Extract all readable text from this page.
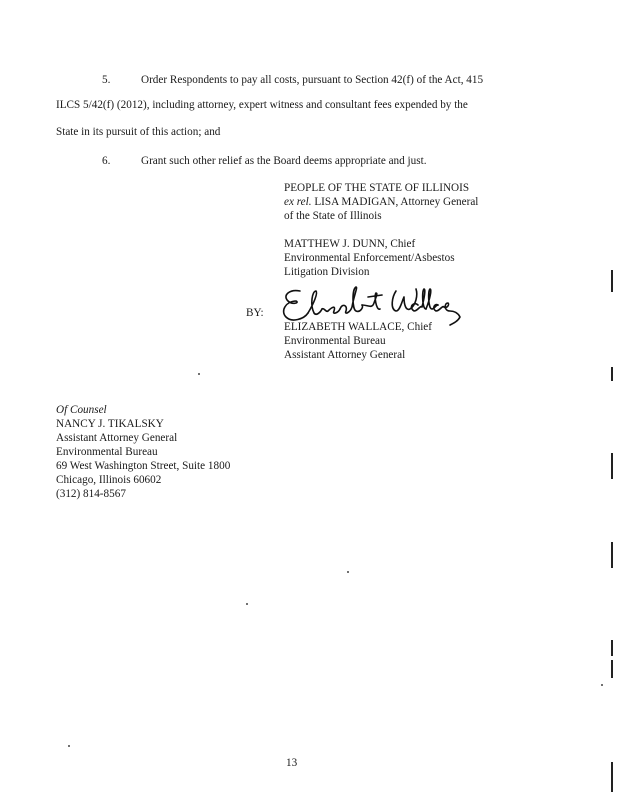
5.	Order Respondents to pay all costs, pursuant to Section 42(f) of the Act, 415
ILCS 5/42(f) (2012), including attorney, expert witness and consultant fees expended by the
State in its pursuit of this action; and
6.	Grant such other relief as the Board deems appropriate and just.
PEOPLE OF THE STATE OF ILLINOIS
ex rel. LISA MADIGAN, Attorney General
of the State of Illinois
MATTHEW J. DUNN, Chief
Environmental Enforcement/Asbestos
Litigation Division
BY:
ELIZABETH WALLACE, Chief
Environmental Bureau
Assistant Attorney General
Of Counsel
NANCY J. TIKALSKY
Assistant Attorney General
Environmental Bureau
69 West Washington Street, Suite 1800
Chicago, Illinois 60602
(312) 814-8567
13
